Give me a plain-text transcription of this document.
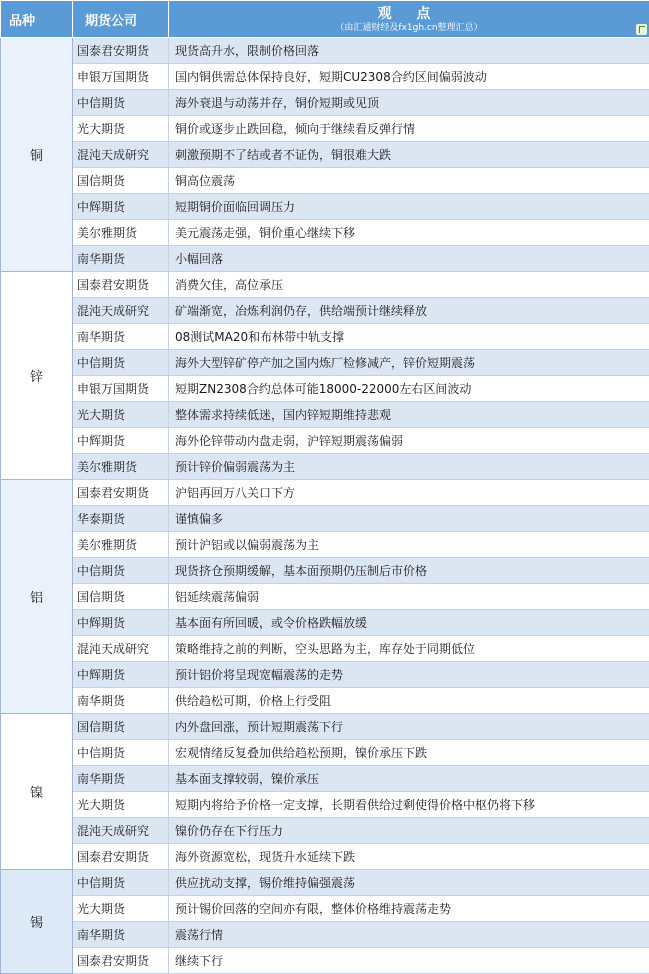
品种	期货公司	观 点
（由汇通财经及fx1gh.cn整理汇总）

铜	国泰君安期货	现货高升水，限制价格回落
	申银万国期货	国内铜供需总体保持良好，短期CU2308合约区间偏弱波动
	中信期货	海外衰退与动荡并存，铜价短期或见顶
	光大期货	铜价或逐步止跌回稳，倾向于继续看反弹行情
	混沌天成研究	刺激预期不了结或者不证伪，铜很难大跌
	国信期货	铜高位震荡
	中辉期货	短期铜价面临回调压力
	美尔雅期货	美元震荡走强，铜价重心继续下移
	南华期货	小幅回落
锌	国泰君安期货	消费欠佳，高位承压
	混沌天成研究	矿端渐宽，冶炼利润仍存，供给端预计继续释放
	南华期货	08测试MA20和布林带中轨支撑
	中信期货	海外大型锌矿停产加之国内炼厂检修减产，锌价短期震荡
	申银万国期货	短期ZN2308合约总体可能18000-22000左右区间波动
	光大期货	整体需求持续低迷，国内锌短期维持悲观
	中辉期货	海外伦锌带动内盘走弱，沪锌短期震荡偏弱
	美尔雅期货	预计锌价偏弱震荡为主
铝	国泰君安期货	沪铝再回万八关口下方
	华泰期货	谨慎偏多
	美尔雅期货	预计沪铝或以偏弱震荡为主
	中信期货	现货挤仓预期缓解，基本面预期仍压制后市价格
	国信期货	铝延续震荡偏弱
	中辉期货	基本面有所回暖，或令价格跌幅放缓
	混沌天成研究	策略维持之前的判断，空头思路为主，库存处于同期低位
	中辉期货	预计铝价将呈现宽幅震荡的走势
	南华期货	供给趋松可期，价格上行受阻
镍	国信期货	内外盘回涨，预计短期震荡下行
	中信期货	宏观情绪反复叠加供给趋松预期，镍价承压下跌
	南华期货	基本面支撑较弱，镍价承压
	光大期货	短期内将给予价格一定支撑，长期看供给过剩使得价格中枢仍将下移
	混沌天成研究	镍价仍存在下行压力
	国泰君安期货	海外资源宽松，现货升水延续下跌
锡	中信期货	供应扰动支撑，锡价维持偏强震荡
	光大期货	预计锡价回落的空间亦有限，整体价格维持震荡走势
	南华期货	震荡行情
	国泰君安期货	继续下行
